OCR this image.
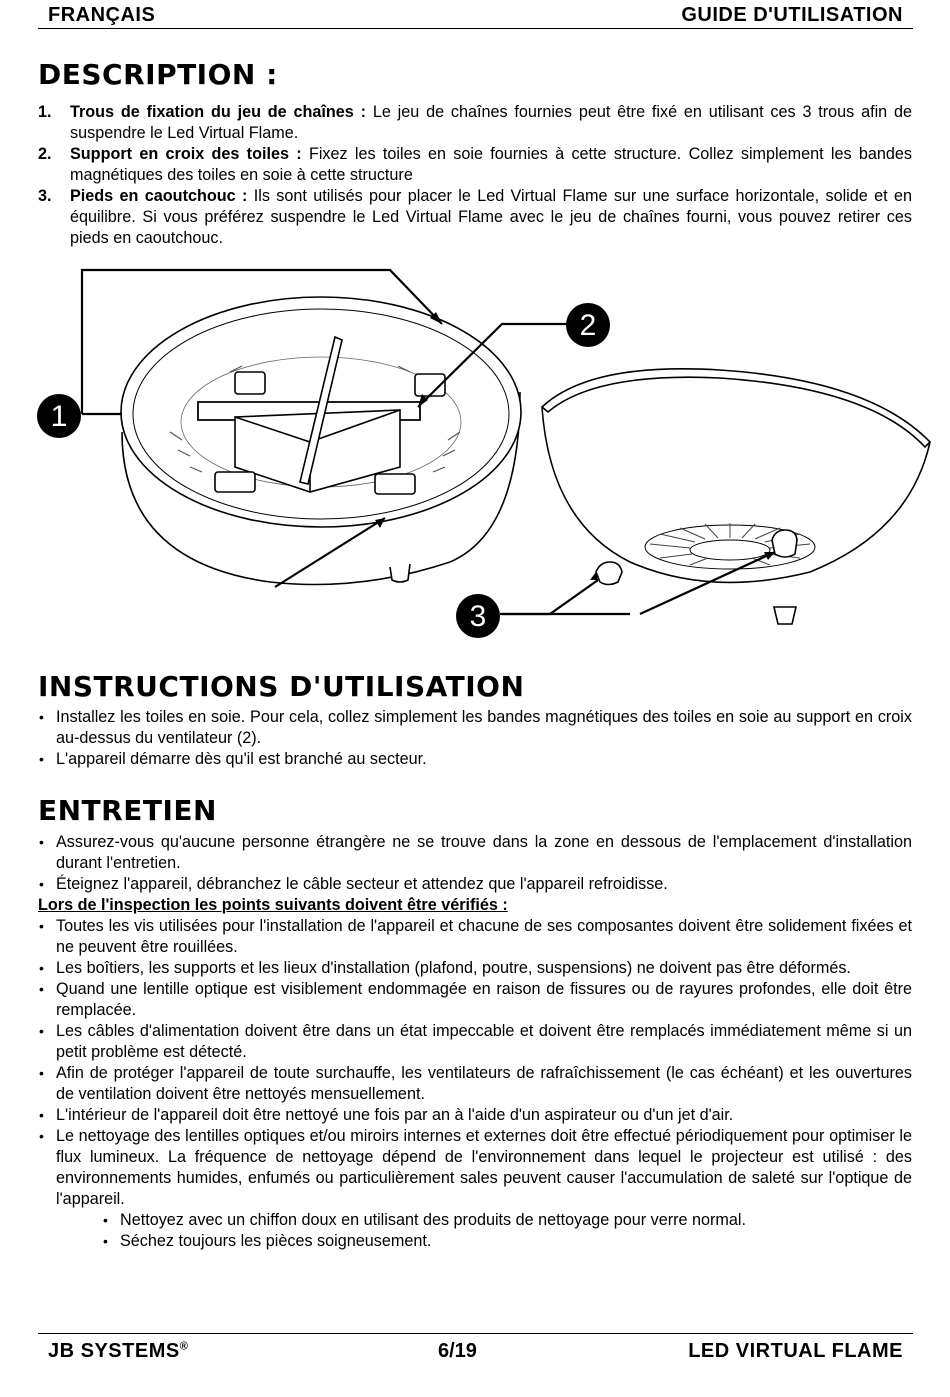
FRANÇAIS	GUIDE D'UTILISATION
DESCRIPTION :
1. Trous de fixation du jeu de chaînes : Le jeu de chaînes fournies peut être fixé en utilisant ces 3 trous afin de suspendre le Led Virtual Flame.
2. Support en croix des toiles : Fixez les toiles en soie fournies à cette structure. Collez simplement les bandes magnétiques des toiles en soie à cette structure
3. Pieds en caoutchouc : Ils sont utilisés pour placer le Led Virtual Flame sur une surface horizontale, solide et en équilibre. Si vous préférez suspendre le Led Virtual Flame avec le jeu de chaînes fourni, vous pouvez retirer ces pieds en caoutchouc.
1
2
3
INSTRUCTIONS D'UTILISATION
• Installez les toiles en soie. Pour cela, collez simplement les bandes magnétiques des toiles en soie au support en croix au-dessus du ventilateur (2).
• L'appareil démarre dès qu'il est branché au secteur.
ENTRETIEN
• Assurez-vous qu'aucune personne étrangère ne se trouve dans la zone en dessous de l'emplacement d'installation durant l'entretien.
• Éteignez l'appareil, débranchez le câble secteur et attendez que l'appareil refroidisse.
Lors de l'inspection les points suivants doivent être vérifiés :
• Toutes les vis utilisées pour l'installation de l'appareil et chacune de ses composantes doivent être solidement fixées et ne peuvent être rouillées.
• Les boîtiers, les supports et les lieux d'installation (plafond, poutre, suspensions) ne doivent pas être déformés.
• Quand une lentille optique est visiblement endommagée en raison de fissures ou de rayures profondes, elle doit être remplacée.
• Les câbles d'alimentation doivent être dans un état impeccable et doivent être remplacés immédiatement même si un petit problème est détecté.
• Afin de protéger l'appareil de toute surchauffe, les ventilateurs de rafraîchissement (le cas échéant) et les ouvertures de ventilation doivent être nettoyés mensuellement.
• L'intérieur de l'appareil doit être nettoyé une fois par an à l'aide d'un aspirateur ou d'un jet d'air.
• Le nettoyage des lentilles optiques et/ou miroirs internes et externes doit être effectué périodiquement pour optimiser le flux lumineux. La fréquence de nettoyage dépend de l'environnement dans lequel le projecteur est utilisé : des environnements humides, enfumés ou particulièrement sales peuvent causer l'accumulation de saleté sur l'optique de l'appareil.
• Nettoyez avec un chiffon doux en utilisant des produits de nettoyage pour verre normal.
• Séchez toujours les pièces soigneusement.
JB SYSTEMS®	6/19	LED VIRTUAL FLAME
